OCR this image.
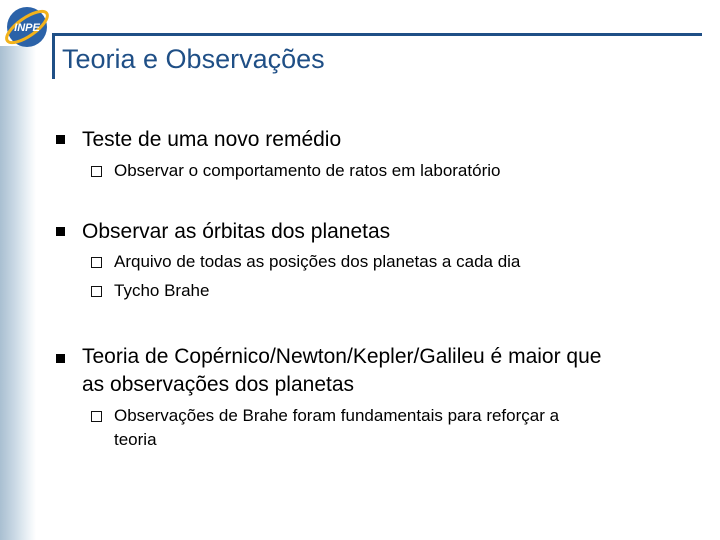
INPE
Teoria e Observações
Teste de uma novo remédio
Observar o comportamento de ratos em laboratório
Observar as órbitas dos planetas
Arquivo de todas as posições dos planetas a cada dia
Tycho Brahe
Teoria de Copérnico/Newton/Kepler/Galileu é maior que
as observações dos planetas
Observações de Brahe foram fundamentais para reforçar a
teoria
